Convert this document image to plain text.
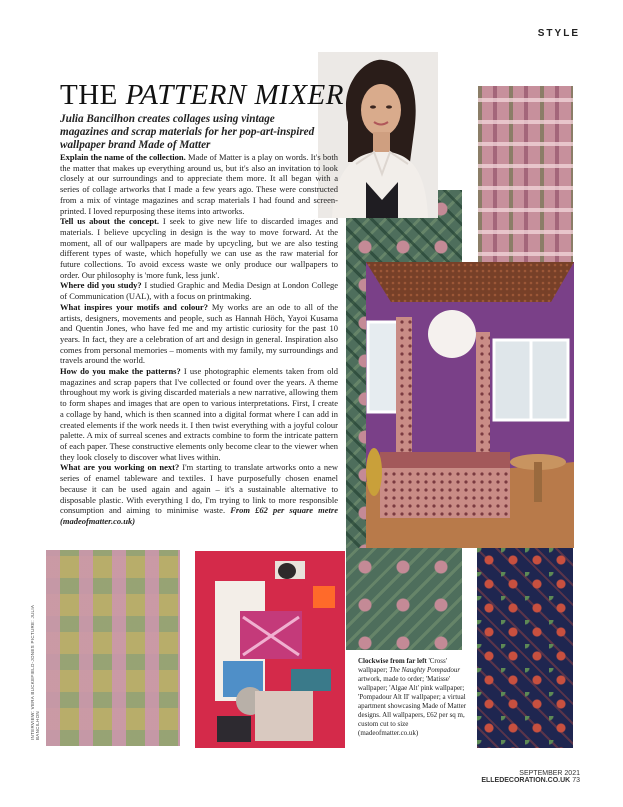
STYLE
THE PATTERN MIXER
Julia Bancilhon creates collages using vintage magazines and scrap materials for her pop-art-inspired wallpaper brand Made of Matter

Explain the name of the collection. Made of Matter is a play on words. It's both the matter that makes up everything around us, but it's also an invitation to look closely at our surroundings and to appreciate them more. It all began with a series of collage artworks that I made a few years ago. These were constructed from a mix of vintage magazines and scrap materials I had found and screen-printed. I loved repurposing these items into artworks.

Tell us about the concept. I seek to give new life to discarded images and materials. I believe upcycling in design is the way to move forward. At the moment, all of our wallpapers are made by upcycling, but we are also testing different types of waste, which hopefully we can use as the raw material for future collections. To avoid excess waste we only produce our wallpapers to order. Our philosophy is 'more funk, less junk'.

Where did you study? I studied Graphic and Media Design at London College of Communication (UAL), with a focus on printmaking.

What inspires your motifs and colour? My works are an ode to all of the artists, designers, movements and people, such as Hannah Höch, Yayoi Kusama and Quentin Jones, who have fed me and my artistic curiosity for the past 10 years. In fact, they are a celebration of art and design in general. Inspiration also comes from personal memories – moments with my family, my surroundings and travels around the world.

How do you make the patterns? I use photographic elements taken from old magazines and scrap papers that I've collected or found over the years. A theme throughout my work is giving discarded materials a new narrative, allowing them to form shapes and images that are open to various interpretations. First, I create a collage by hand, which is then scanned into a digital format where I can add in created elements if the work needs it. I then twist everything with a joyful colour palette. A mix of surreal scenes and extracts combine to form the intricate pattern of each paper. These constructive elements only become clear to the viewer when they look closely to discover what lives within.

What are you working on next? I'm starting to translate artworks onto a new series of enamel tableware and textiles. I have purposefully chosen enamel because it can be used again and again – it's a sustainable alternative to disposable plastic. With everything I do, I'm trying to link to more responsible consumption and aiming to minimise waste. From £62 per square metre (madeofmatter.co.uk)

Clockwise from far left 'Cross' wallpaper; The Naughty Pompadour artwork, made to order; 'Matisse' wallpaper; 'Algae Alt' pink wallpaper; 'Pompadour Alt II' wallpaper; a virtual apartment showcasing Made of Matter designs. All wallpapers, £62 per sq m, custom cut to size (madeofmatter.co.uk)
INTERVIEW: VERA BUCKEFIELD-JONES PICTURE: JULIA BANCILHON
SEPTEMBER 2021  ELLEDECORATION.CO.UK 73
